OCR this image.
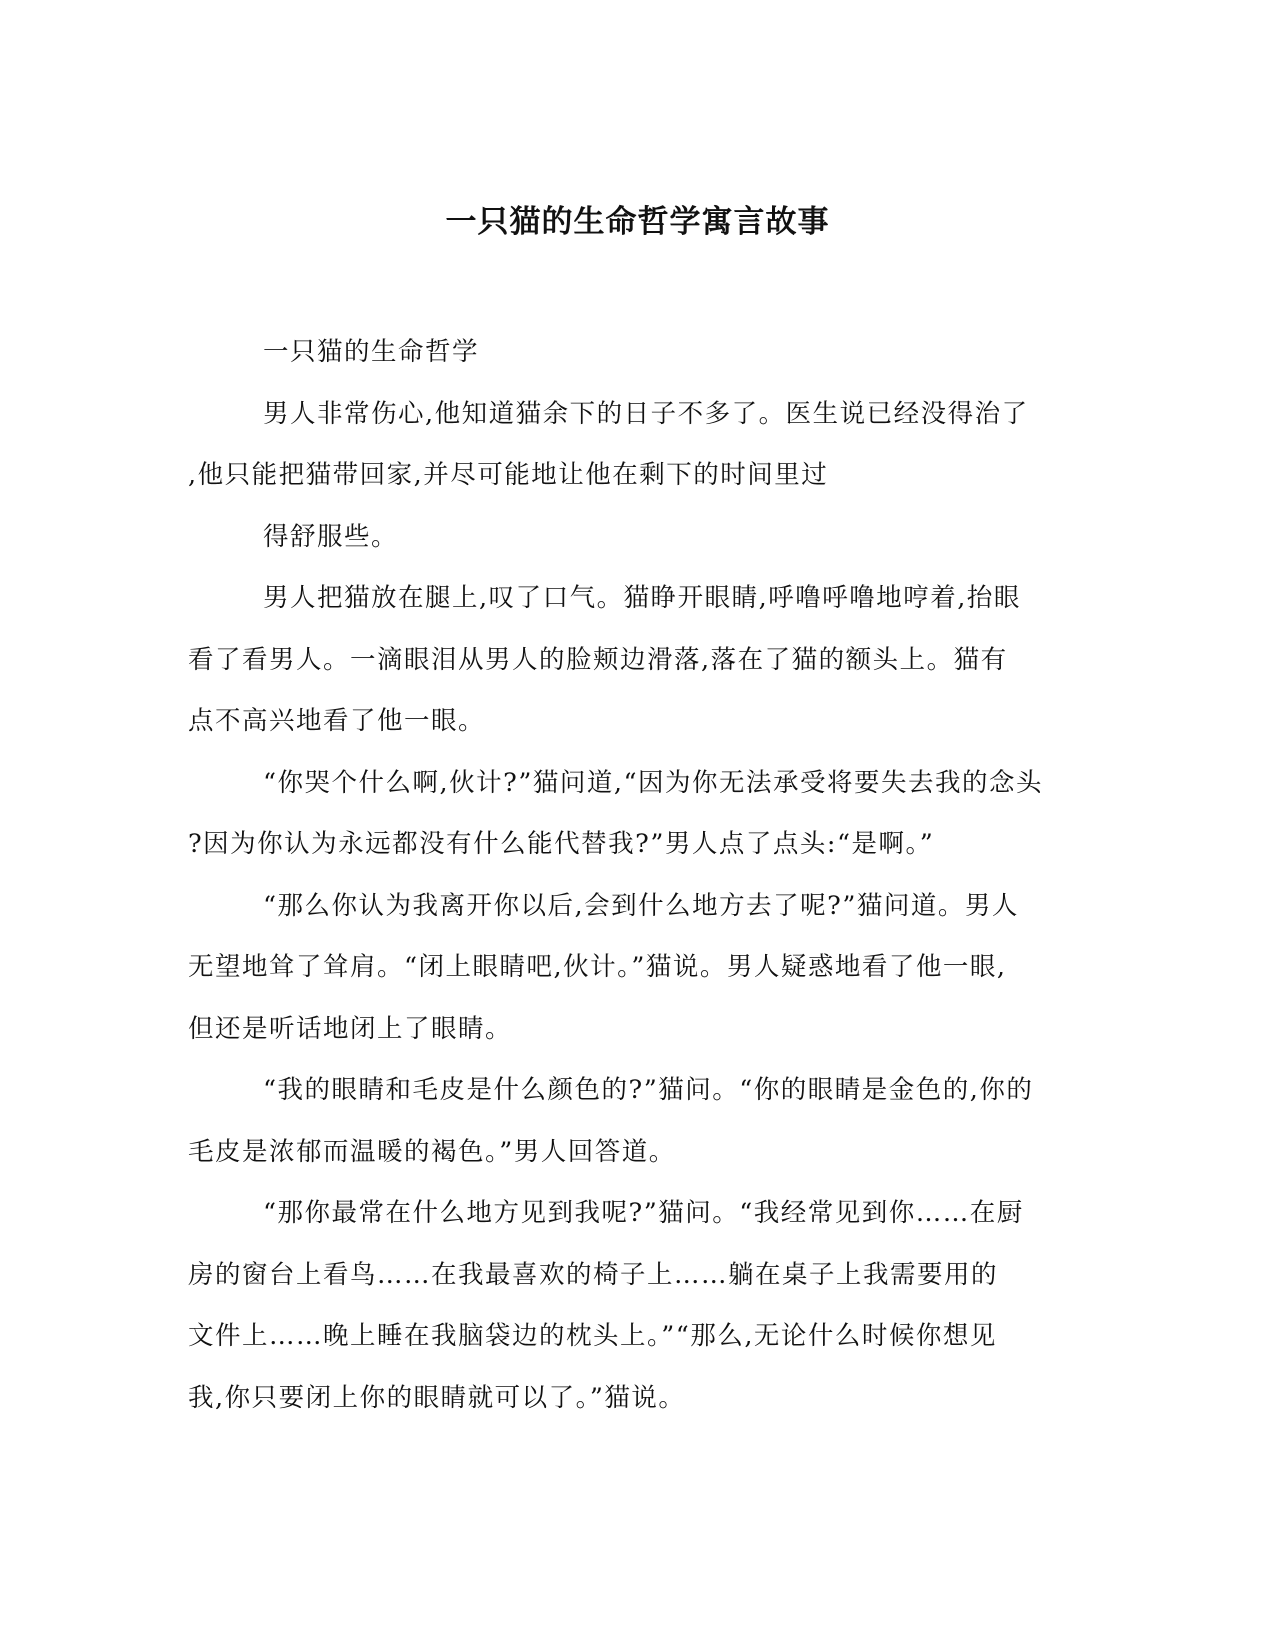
一只猫的生命哲学寓言故事
一只猫的生命哲学
男人非常伤心,他知道猫余下的日子不多了。医生说已经没得治了
,他只能把猫带回家,并尽可能地让他在剩下的时间里过
得舒服些。
男人把猫放在腿上,叹了口气。猫睁开眼睛,呼噜呼噜地哼着,抬眼
看了看男人。一滴眼泪从男人的脸颊边滑落,落在了猫的额头上。猫有
点不高兴地看了他一眼。
“你哭个什么啊,伙计?”猫问道,“因为你无法承受将要失去我的念头
?因为你认为永远都没有什么能代替我?”男人点了点头:“是啊。”
“那么你认为我离开你以后,会到什么地方去了呢?”猫问道。男人
无望地耸了耸肩。“闭上眼睛吧,伙计。”猫说。男人疑惑地看了他一眼,
但还是听话地闭上了眼睛。
“我的眼睛和毛皮是什么颜色的?”猫问。“你的眼睛是金色的,你的
毛皮是浓郁而温暖的褐色。”男人回答道。
“那你最常在什么地方见到我呢?”猫问。“我经常见到你……在厨
房的窗台上看鸟……在我最喜欢的椅子上……躺在桌子上我需要用的
文件上……晚上睡在我脑袋边的枕头上。”“那么,无论什么时候你想见
我,你只要闭上你的眼睛就可以了。”猫说。
